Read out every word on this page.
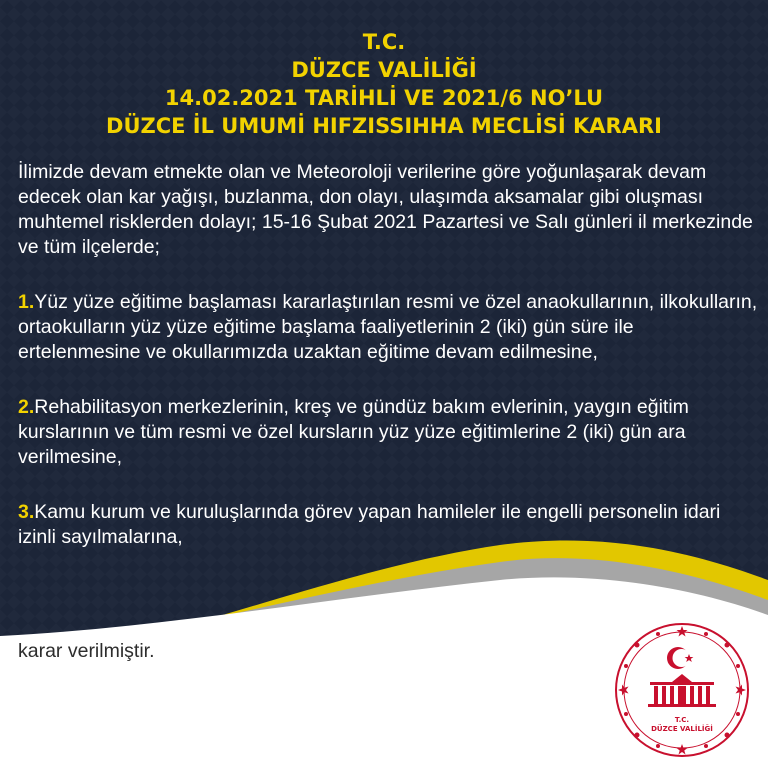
T.C.
DÜZCE VALİLİĞİ
14.02.2021 TARİHLİ VE 2021/6 NO’LU
DÜZCE İL UMUMİ HIFZISSIHHA MECLİSİ KARARI

İlimizde devam etmekte olan ve Meteoroloji verilerine göre yoğunlaşarak devam edecek olan kar yağışı, buzlanma, don olayı, ulaşımda aksamalar gibi oluşması muhtemel risklerden dolayı; 15-16 Şubat 2021 Pazartesi ve Salı günleri il merkezinde ve tüm ilçelerde;

1.Yüz yüze eğitime başlaması kararlaştırılan resmi ve özel anaokullarının, ilkokulların, ortaokulların yüz yüze eğitime başlama faaliyetlerinin 2 (iki) gün süre ile ertelenmesine ve okullarımızda uzaktan eğitime devam edilmesine,

2.Rehabilitasyon merkezlerinin, kreş ve gündüz bakım evlerinin, yaygın eğitim kurslarının ve tüm resmi ve özel kursların yüz yüze eğitimlerine 2 (iki) gün ara verilmesine,

3.Kamu kurum ve kuruluşlarında görev yapan hamileler ile engelli personelin idari izinli sayılmalarına,

karar verilmiştir.
T.C.
DÜZCE VALİLİĞİ
